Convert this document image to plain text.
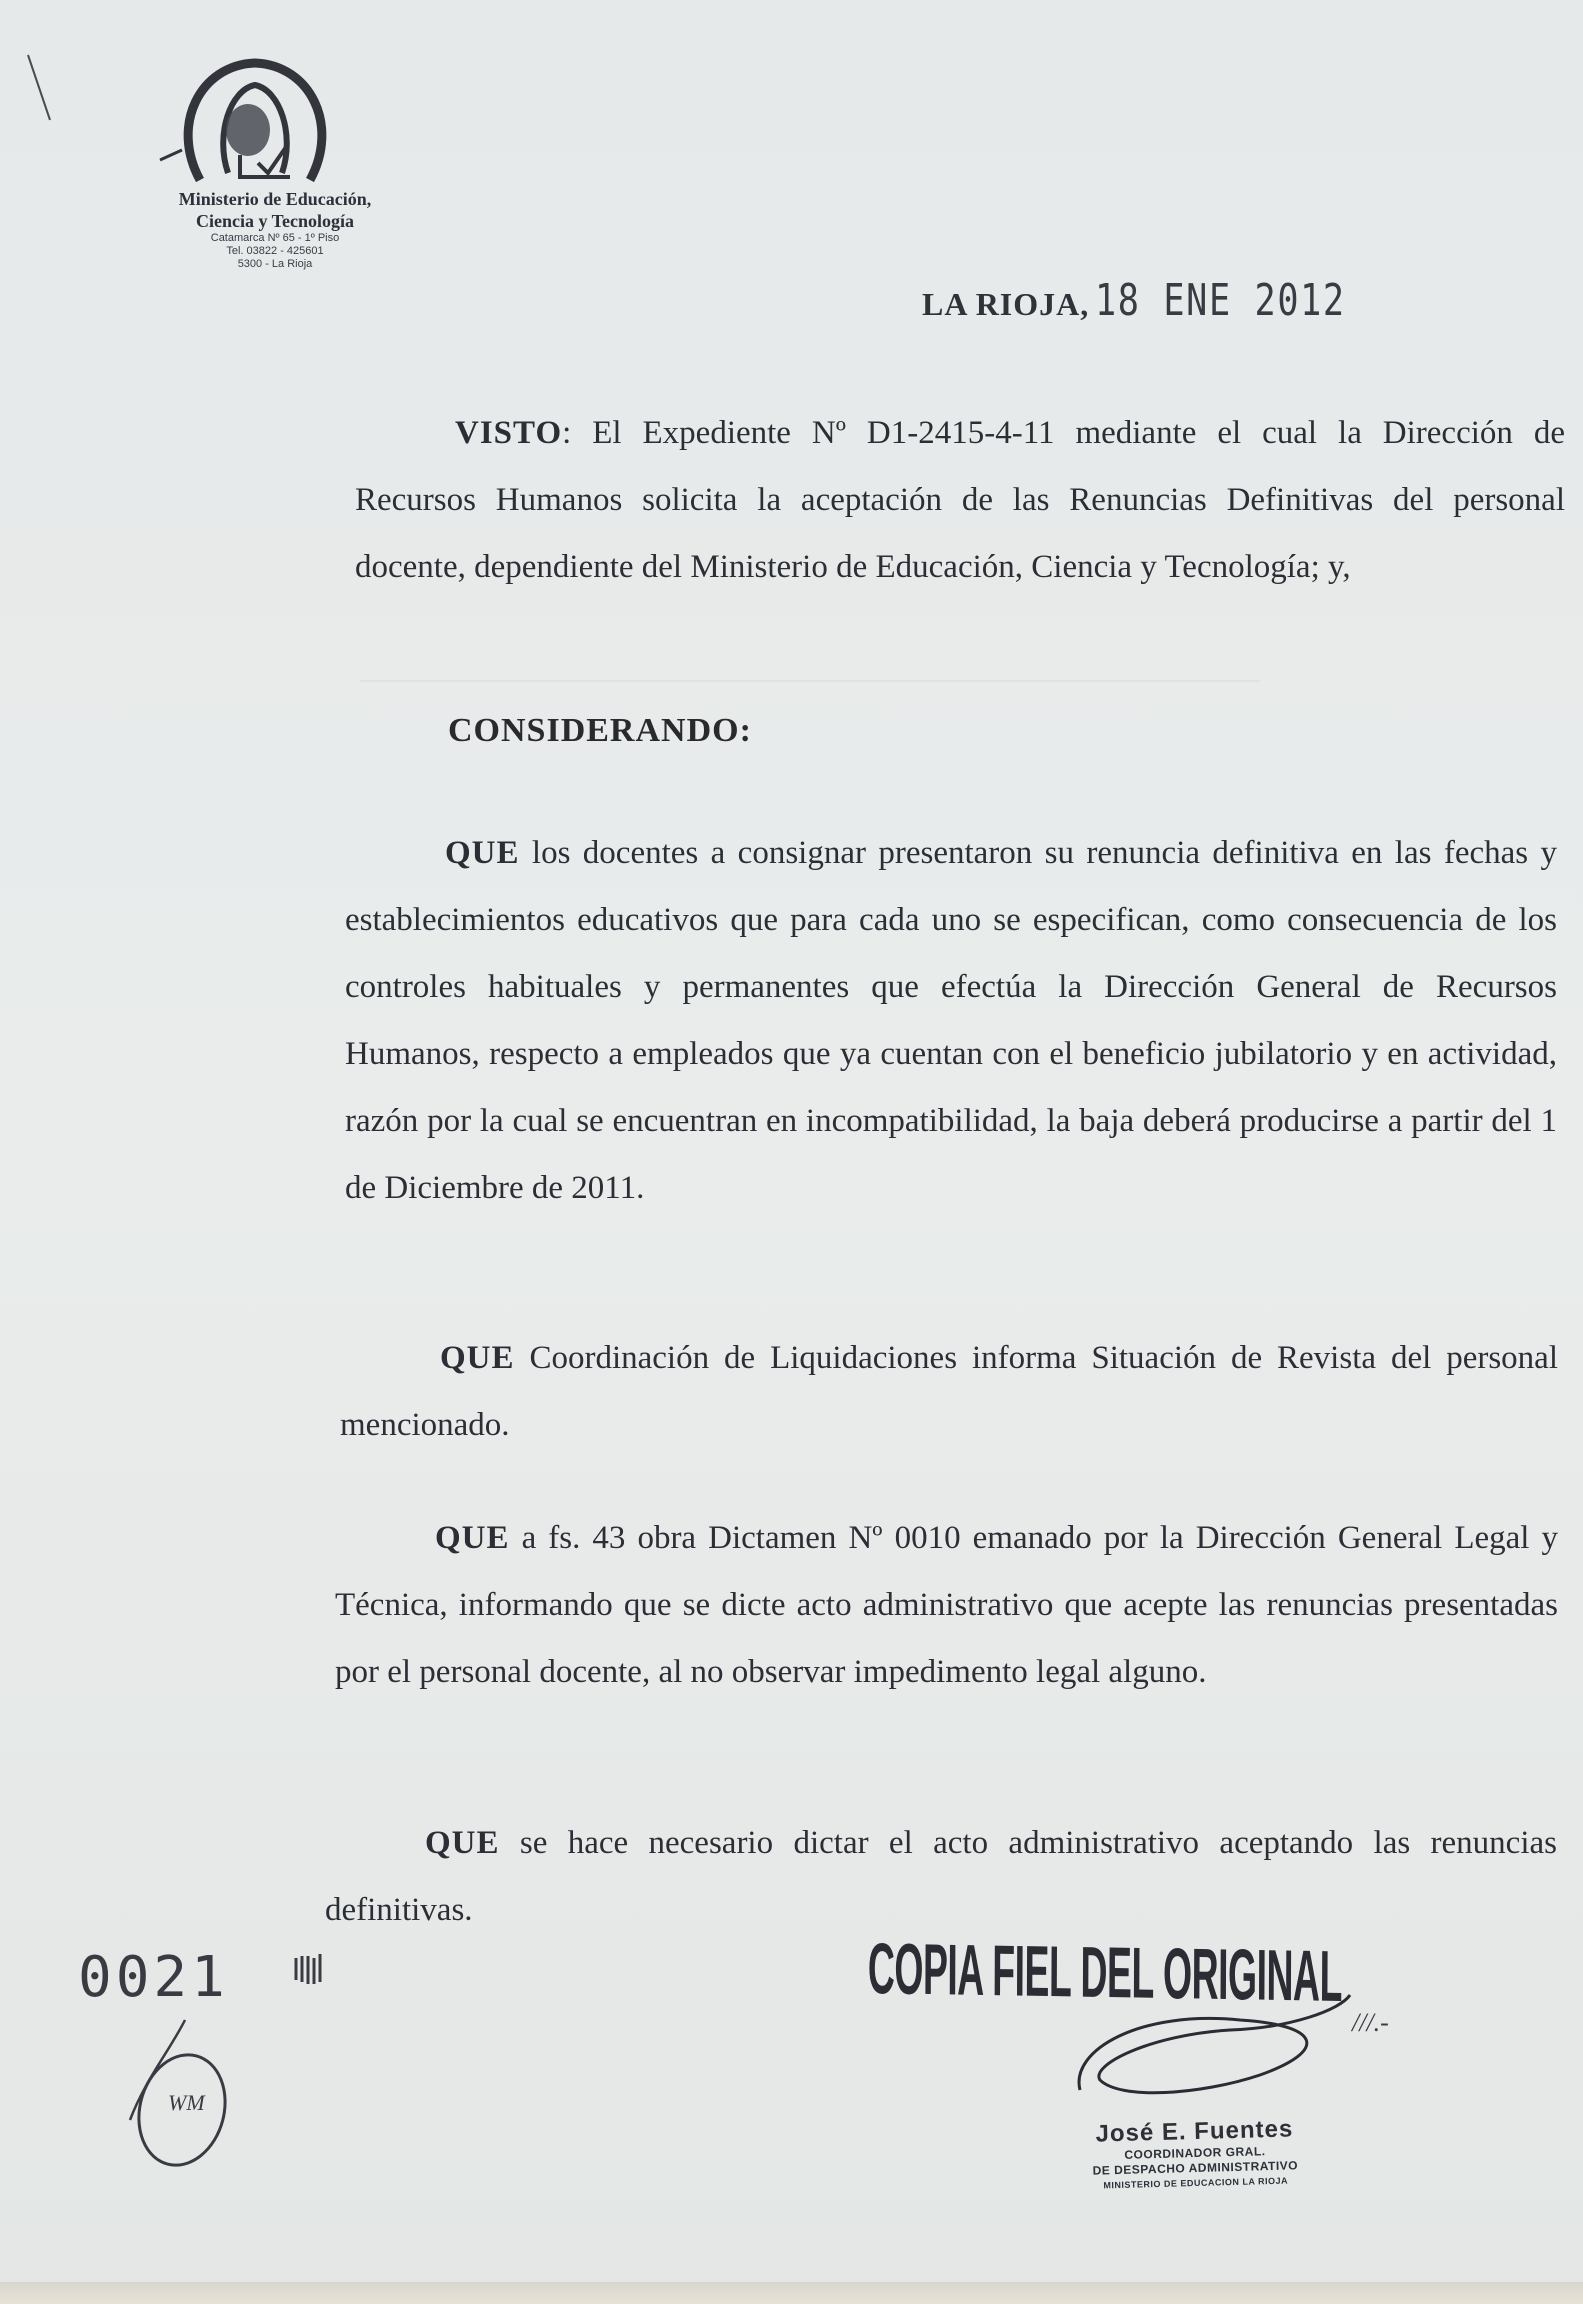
Ministerio de Educación,
Ciencia y Tecnología
Catamarca Nº 65 - 1º Piso
Tel. 03822 - 425601
5300 - La Rioja
LA RIOJA, 18 ENE 2012
VISTO: El Expediente Nº D1-2415-4-11 mediante el cual la Dirección de Recursos Humanos solicita la aceptación de las Renuncias Definitivas del personal docente, dependiente del Ministerio de Educación, Ciencia y Tecnología; y,
CONSIDERANDO:
QUE los docentes a consignar presentaron su renuncia definitiva en las fechas y establecimientos educativos que para cada uno se especifican, como consecuencia de los controles habituales y permanentes que efectúa la Dirección General de Recursos Humanos, respecto a empleados que ya cuentan con el beneficio jubilatorio y en actividad, razón por la cual se encuentran en incompatibilidad, la baja deberá producirse a partir del 1 de Diciembre de 2011.
QUE Coordinación de Liquidaciones informa Situación de Revista del personal mencionado.
QUE a fs. 43 obra Dictamen Nº 0010 emanado por la Dirección General Legal y Técnica, informando que se dicte acto administrativo que acepte las renuncias presentadas por el personal docente, al no observar impedimento legal alguno.
QUE se hace necesario dictar el acto administrativo aceptando las renuncias definitivas.
0021
WM
COPIA FIEL DEL ORIGINAL
///.-
José E. Fuentes
COORDINADOR GRAL.
DE DESPACHO ADMINISTRATIVO
MINISTERIO DE EDUCACION LA RIOJA
